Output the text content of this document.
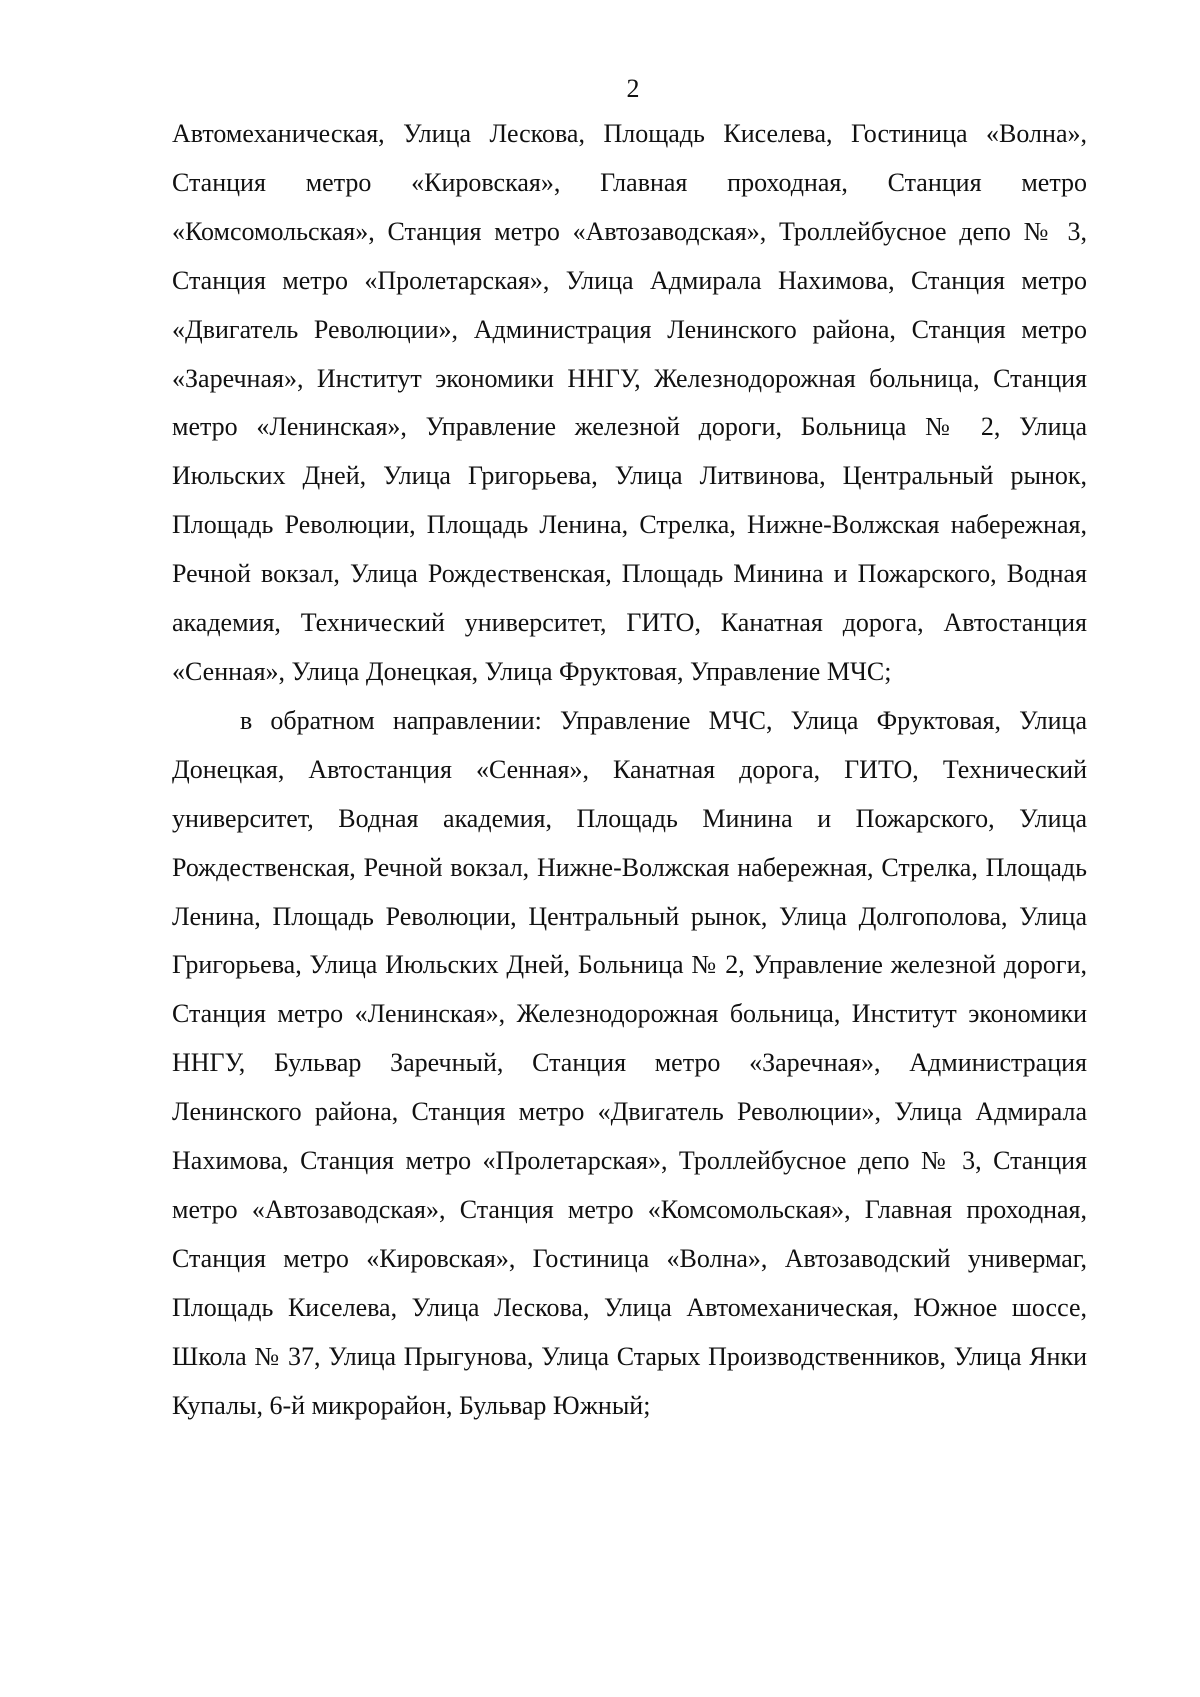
2

Автомеханическая, Улица Лескова, Площадь Киселева, Гостиница «Волна», Станция метро «Кировская», Главная проходная, Станция метро «Комсомольская», Станция метро «Автозаводская», Троллейбусное депо № 3, Станция метро «Пролетарская», Улица Адмирала Нахимова, Станция метро «Двигатель Революции», Администрация Ленинского района, Станция метро «Заречная», Институт экономики ННГУ, Железнодорожная больница, Станция метро «Ленинская», Управление железной дороги, Больница № 2, Улица Июльских Дней, Улица Григорьева, Улица Литвинова, Центральный рынок, Площадь Революции, Площадь Ленина, Стрелка, Нижне-Волжская набережная, Речной вокзал, Улица Рождественская, Площадь Минина и Пожарского, Водная академия, Технический университет, ГИТО, Канатная дорога, Автостанция «Сенная», Улица Донецкая, Улица Фруктовая, Управление МЧС;

в обратном направлении: Управление МЧС, Улица Фруктовая, Улица Донецкая, Автостанция «Сенная», Канатная дорога, ГИТО, Технический университет, Водная академия, Площадь Минина и Пожарского, Улица Рождественская, Речной вокзал, Нижне-Волжская набережная, Стрелка, Площадь Ленина, Площадь Революции, Центральный рынок, Улица Долгополова, Улица Григорьева, Улица Июльских Дней, Больница № 2, Управление железной дороги, Станция метро «Ленинская», Железнодорожная больница, Институт экономики ННГУ, Бульвар Заречный, Станция метро «Заречная», Администрация Ленинского района, Станция метро «Двигатель Революции», Улица Адмирала Нахимова, Станция метро «Пролетарская», Троллейбусное депо № 3, Станция метро «Автозаводская», Станция метро «Комсомольская», Главная проходная, Станция метро «Кировская», Гостиница «Волна», Автозаводский универмаг, Площадь Киселева, Улица Лескова, Улица Автомеханическая, Южное шоссе, Школа № 37, Улица Прыгунова, Улица Старых Производственников, Улица Янки Купалы, 6-й микрорайон, Бульвар Южный;
